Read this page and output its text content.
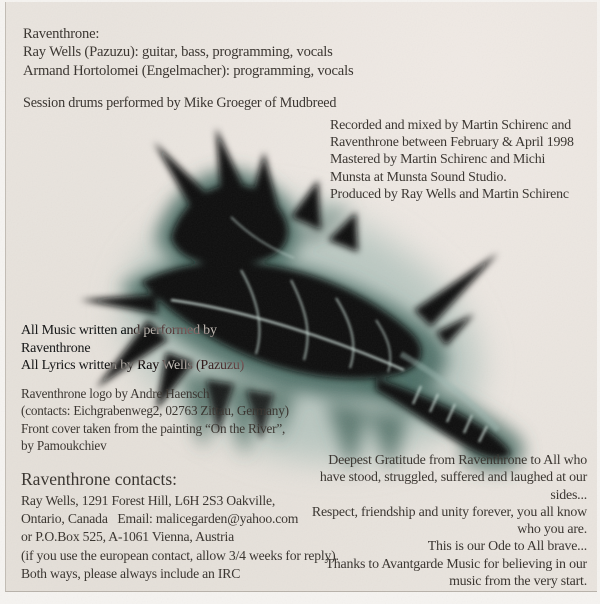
Raventhrone:
Ray Wells (Pazuzu): guitar, bass, programming, vocals
Armand Hortolomei (Engelmacher): programming, vocals
Session drums performed by Mike Groeger of Mudbreed
Recorded and mixed by Martin Schirenc and
Raventhrone between February & April 1998
Mastered by Martin Schirenc and Michi
Munsta at Munsta Sound Studio.
Produced by Ray Wells and Martin Schirenc
All Music written and performed by
Raventhrone
All Lyrics written by Ray Wells (Pazuzu)
Raventhrone logo by Andre Haensch
(contacts: Eichgrabenweg2, 02763 Zittau, Germany)
Front cover taken from the painting “On the River”,
by Pamoukchiev
Raventhrone contacts:
Ray Wells, 1291 Forest Hill, L6H 2S3 Oakville,
Ontario, Canada   Email: malicegarden@yahoo.com
or P.O.Box 525, A-1061 Vienna, Austria
(if you use the european contact, allow 3/4 weeks for reply).
Both ways, please always include an IRC
Deepest Gratitude from Raventhrone to All who
have stood, struggled, suffered and laughed at our
sides...
Respect, friendship and unity forever, you all know
who you are.
This is our Ode to All brave...
Thanks to Avantgarde Music for believing in our
music from the very start.
